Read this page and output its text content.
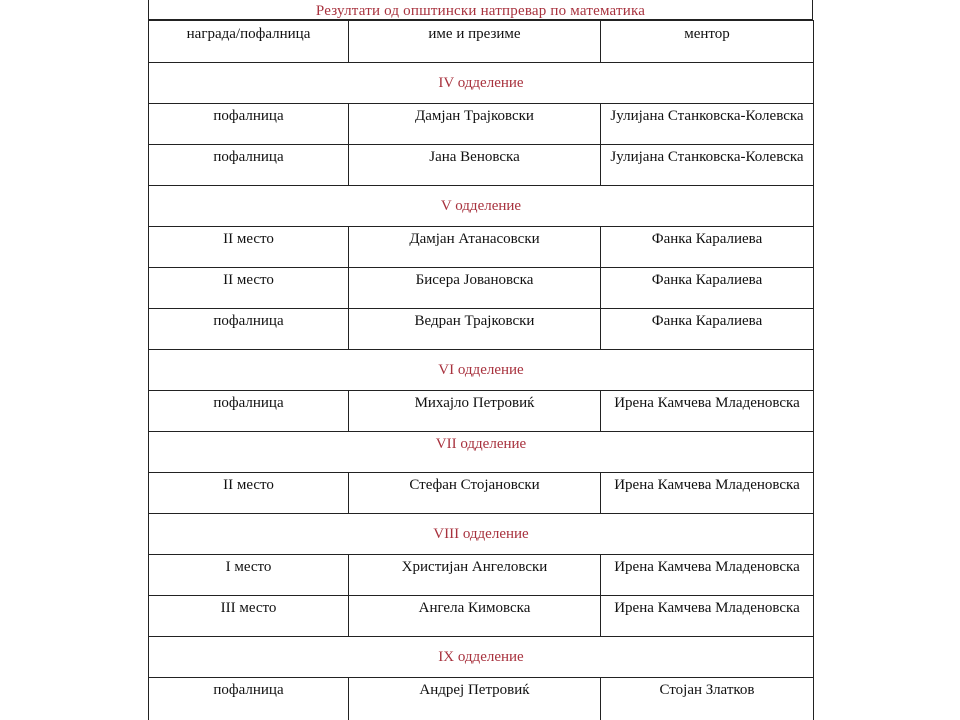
Резултати од општински натпревар по математика
награда/пофалница	име и презиме	ментор
IV одделение		
пофалница	Дамјан Трајковски	Јулијана Станковска-Колевска
пофалница	Јана Веновска	Јулијана Станковска-Колевска
V одделение		
II место	Дамјан Атанасовски	Фанка Каралиева
II место	Бисера Јовановска	Фанка Каралиева
пофалница	Ведран Трајковски	Фанка Каралиева
VI одделение		
пофалница	Михајло Петровиќ	Ирена Камчева Младеновска
VII одделение		
II место	Стефан Стојановски	Ирена Камчева Младеновска
VIII одделение		
I место	Христијан Ангеловски	Ирена Камчева Младеновска
III место	Ангела Кимовска	Ирена Камчева Младеновска
IX одделение		
пофалница	Андреј Петровиќ	Стојан Златков
